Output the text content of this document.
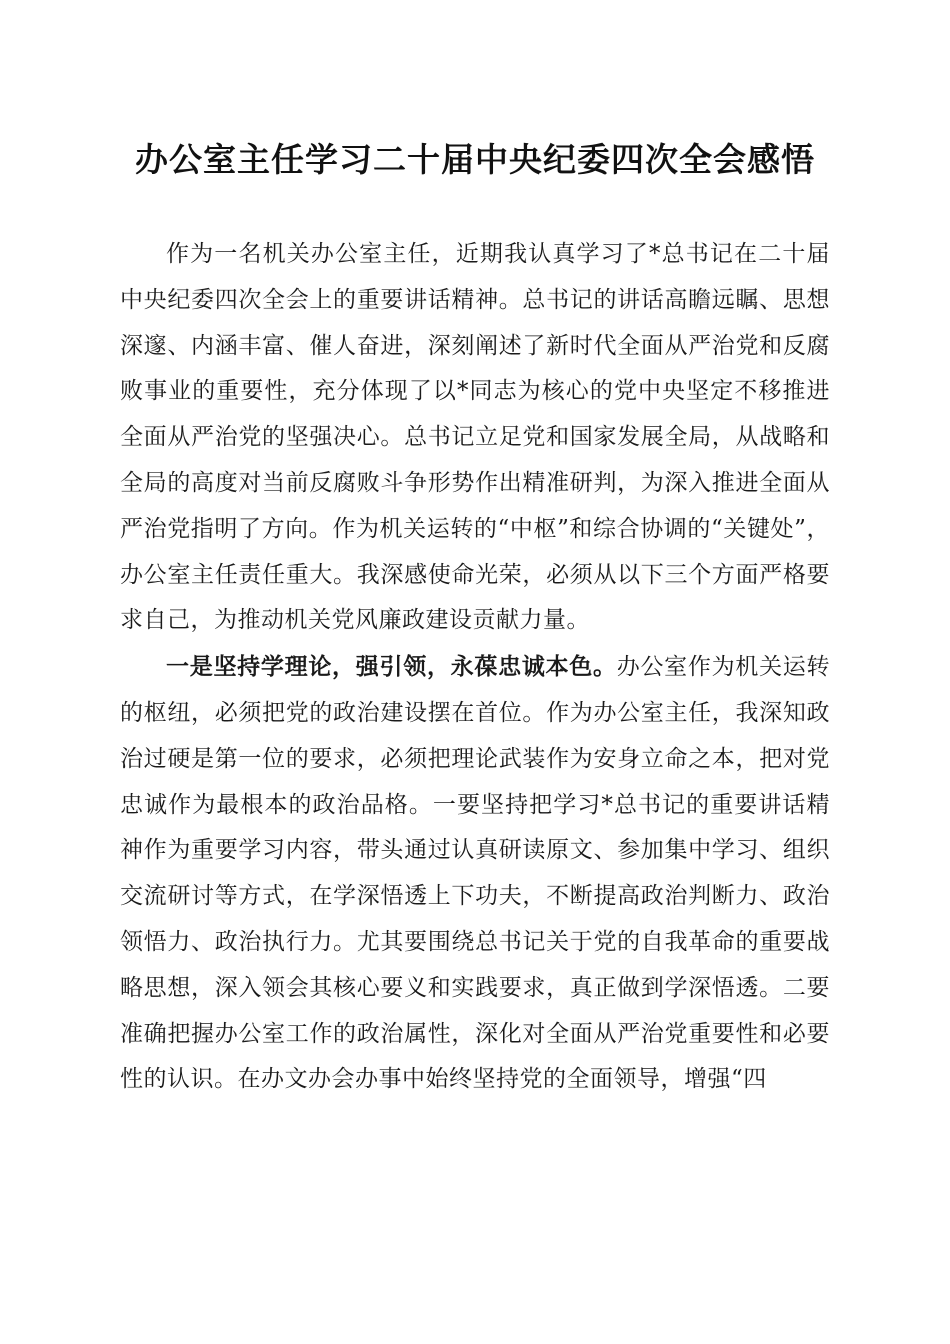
办公室主任学习二十届中央纪委四次全会感悟

作为一名机关办公室主任，近期我认真学习了*总书记在二十届中央纪委四次全会上的重要讲话精神。总书记的讲话高瞻远瞩、思想深邃、内涵丰富、催人奋进，深刻阐述了新时代全面从严治党和反腐败事业的重要性，充分体现了以*同志为核心的党中央坚定不移推进全面从严治党的坚强决心。总书记立足党和国家发展全局，从战略和全局的高度对当前反腐败斗争形势作出精准研判，为深入推进全面从严治党指明了方向。作为机关运转的“中枢”和综合协调的“关键处”，办公室主任责任重大。我深感使命光荣，必须从以下三个方面严格要求自己，为推动机关党风廉政建设贡献力量。

一是坚持学理论，强引领，永葆忠诚本色。办公室作为机关运转的枢纽，必须把党的政治建设摆在首位。作为办公室主任，我深知政治过硬是第一位的要求，必须把理论武装作为安身立命之本，把对党忠诚作为最根本的政治品格。一要坚持把学习*总书记的重要讲话精神作为重要学习内容，带头通过认真研读原文、参加集中学习、组织交流研讨等方式，在学深悟透上下功夫，不断提高政治判断力、政治领悟力、政治执行力。尤其要围绕总书记关于党的自我革命的重要战略思想，深入领会其核心要义和实践要求，真正做到学深悟透。二要准确把握办公室工作的政治属性，深化对全面从严治党重要性和必要性的认识。在办文办会办事中始终坚持党的全面领导，增强“四
